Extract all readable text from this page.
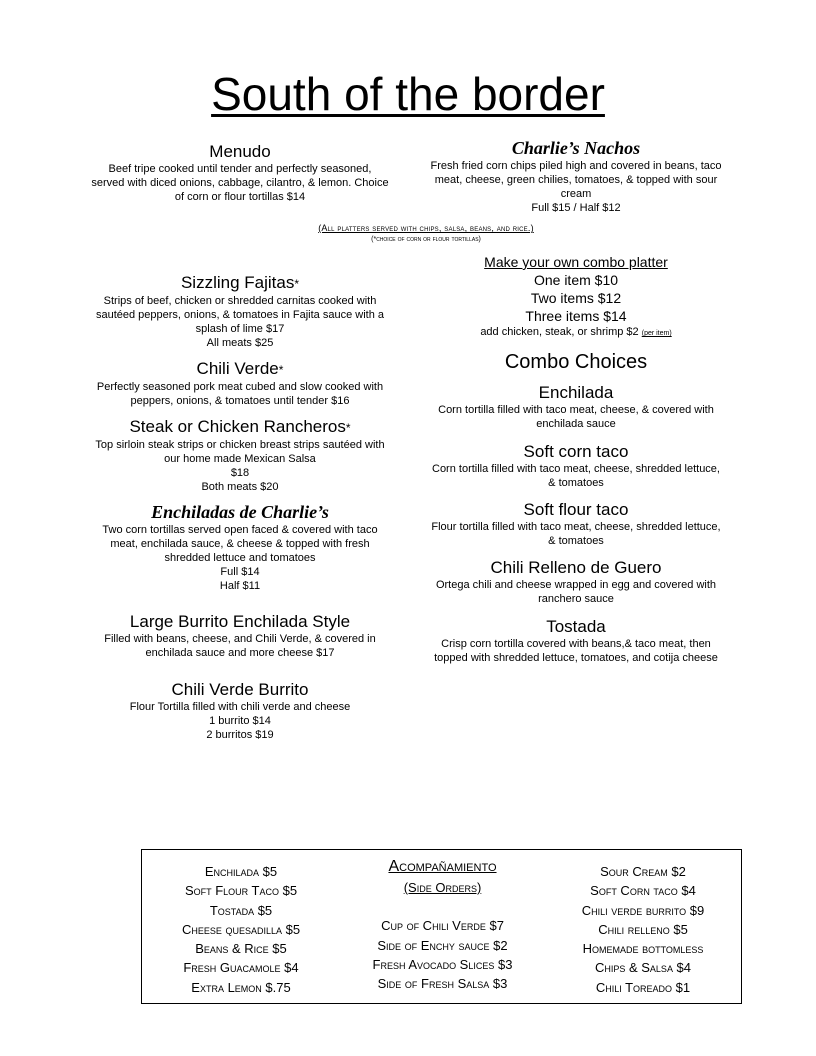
South of the border
Menudo
Beef tripe cooked until tender and perfectly seasoned, served with diced onions, cabbage, cilantro, & lemon. Choice of corn or flour tortillas $14
Charlie’s Nachos
Fresh fried corn chips piled high and covered in beans, taco meat, cheese, green chilies, tomatoes, & topped with sour cream
Full $15 / Half $12
(All platters served with chips, salsa, beans, and rice.)
(*choice of corn or flour tortillas)
Sizzling Fajitas*
Strips of beef, chicken or shredded carnitas cooked with sautéed peppers, onions, & tomatoes in Fajita sauce with a splash of lime $17
All meats $25
Chili Verde*
Perfectly seasoned pork meat cubed and slow cooked with peppers, onions, & tomatoes until tender $16
Steak or Chicken Rancheros*
Top sirloin steak strips or chicken breast strips sautéed with our home made Mexican Salsa
$18
Both meats $20
Enchiladas de Charlie’s
Two corn tortillas served open faced & covered with taco meat, enchilada sauce, & cheese & topped with fresh shredded lettuce and tomatoes
Full $14
Half $11
Large Burrito Enchilada Style
Filled with beans, cheese, and Chili Verde, & covered in enchilada sauce and more cheese $17
Chili Verde Burrito
Flour Tortilla filled with chili verde and cheese
1 burrito $14
2 burritos $19
Make your own combo platter
One item $10
Two items $12
Three items $14
add chicken, steak, or shrimp $2 (per item)
Combo Choices
Enchilada
Corn tortilla filled with taco meat, cheese, & covered with enchilada sauce
Soft corn taco
Corn tortilla filled with taco meat, cheese, shredded lettuce, & tomatoes
Soft flour taco
Flour tortilla filled with taco meat, cheese, shredded lettuce, & tomatoes
Chili Relleno de Guero
Ortega chili and cheese wrapped in egg and covered with ranchero sauce
Tostada
Crisp corn tortilla covered with beans,& taco meat, then topped with shredded lettuce, tomatoes, and cotija cheese
Enchilada $5
Soft Flour Taco $5
Tostada $5
Cheese quesadilla $5
Beans & Rice $5
Fresh Guacamole $4
Extra Lemon $.75
Acompañamiento
(Side Orders)
Cup of Chili Verde $7
Side of Enchy sauce $2
Fresh Avocado Slices $3
Side of Fresh Salsa $3
Sour Cream $2
Soft Corn taco $4
Chili verde burrito $9
Chili relleno $5
Homemade bottomless
Chips & Salsa $4
Chili Toreado $1
